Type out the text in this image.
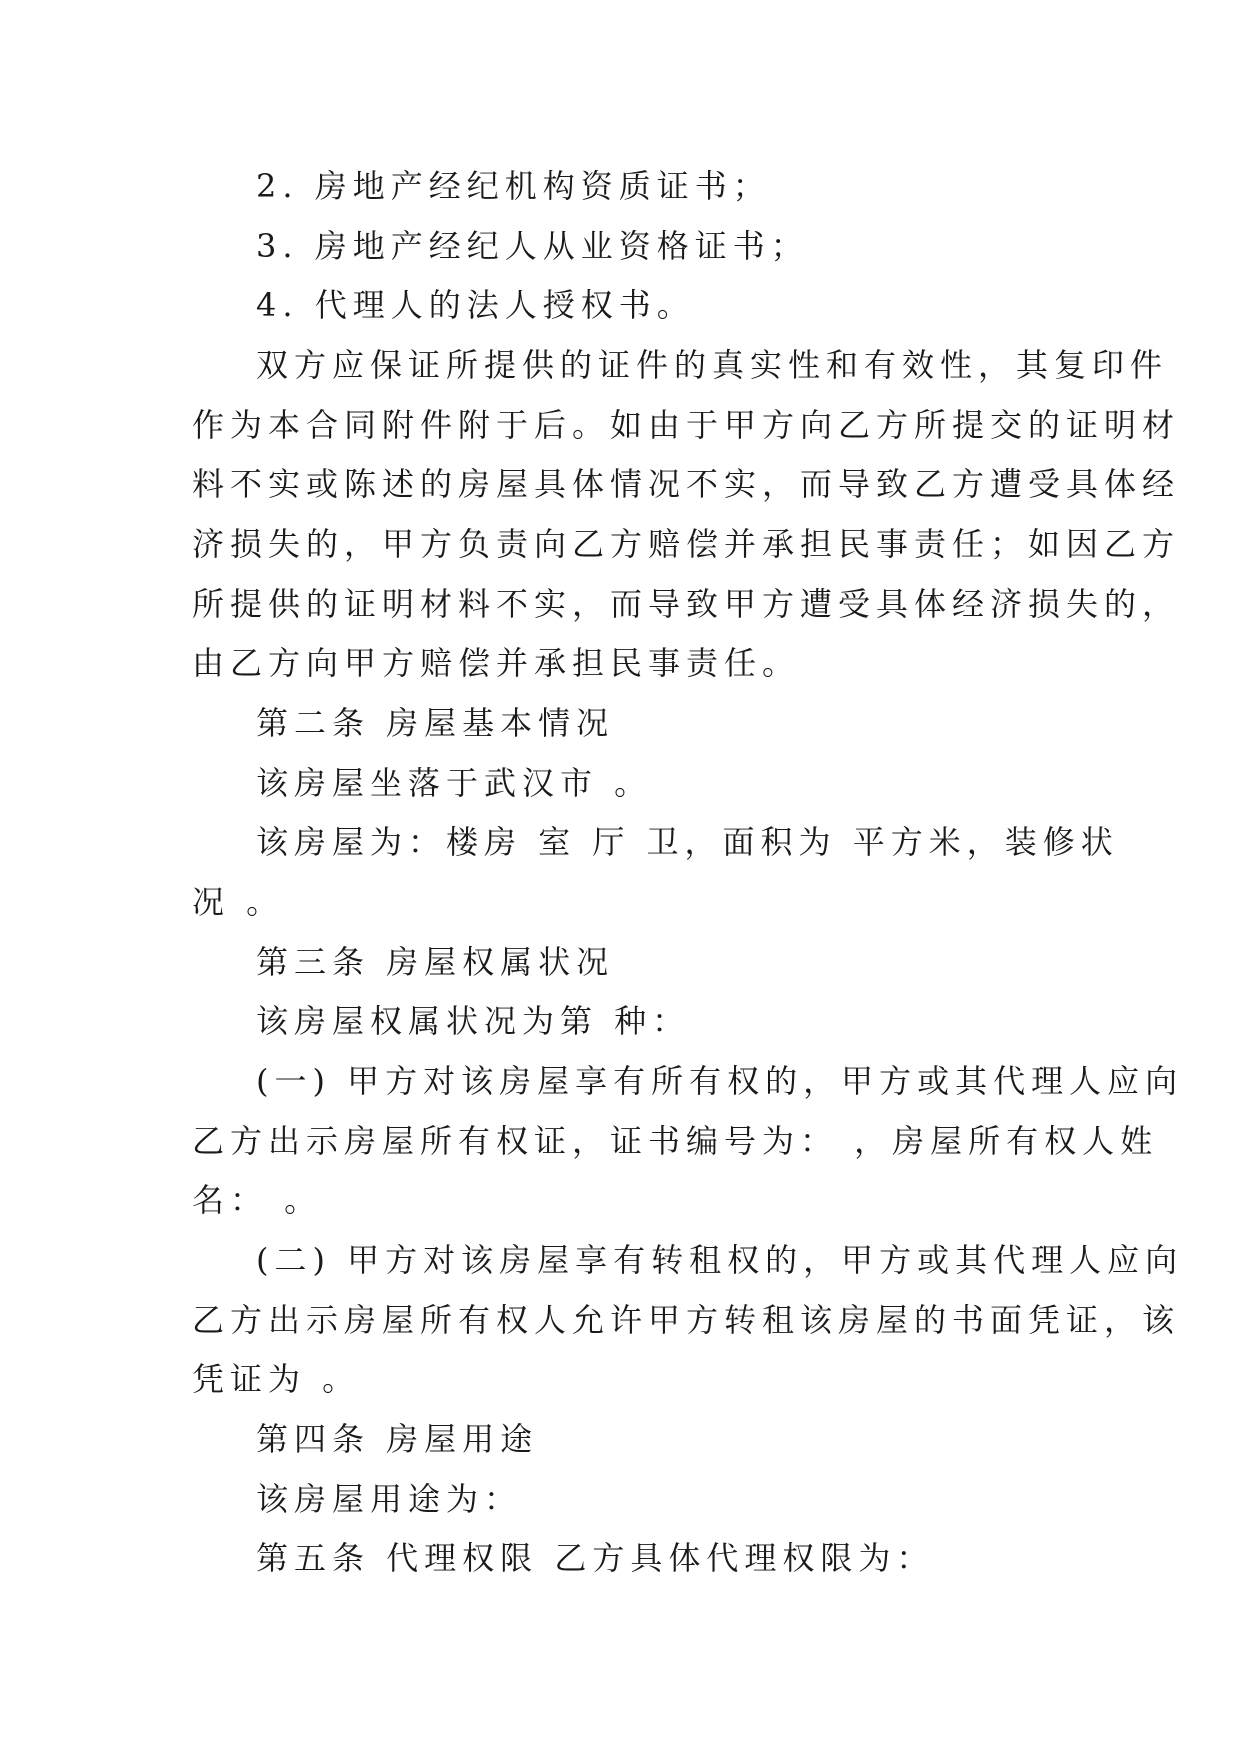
2. 房地产经纪机构资质证书；
3. 房地产经纪人从业资格证书；
4. 代理人的法人授权书。
双方应保证所提供的证件的真实性和有效性，其复印件
作为本合同附件附于后。如由于甲方向乙方所提交的证明材
料不实或陈述的房屋具体情况不实，而导致乙方遭受具体经
济损失的，甲方负责向乙方赔偿并承担民事责任；如因乙方
所提供的证明材料不实，而导致甲方遭受具体经济损失的，
由乙方向甲方赔偿并承担民事责任。
第二条 房屋基本情况
该房屋坐落于武汉市 。
该房屋为：楼房 室 厅 卫，面积为 平方米，装修状
况 。
第三条 房屋权属状况
该房屋权属状况为第 种：
(一) 甲方对该房屋享有所有权的，甲方或其代理人应向
乙方出示房屋所有权证，证书编号为： ，房屋所有权人姓
名： 。
(二) 甲方对该房屋享有转租权的，甲方或其代理人应向
乙方出示房屋所有权人允许甲方转租该房屋的书面凭证，该
凭证为 。
第四条 房屋用途
该房屋用途为：
第五条 代理权限 乙方具体代理权限为：
